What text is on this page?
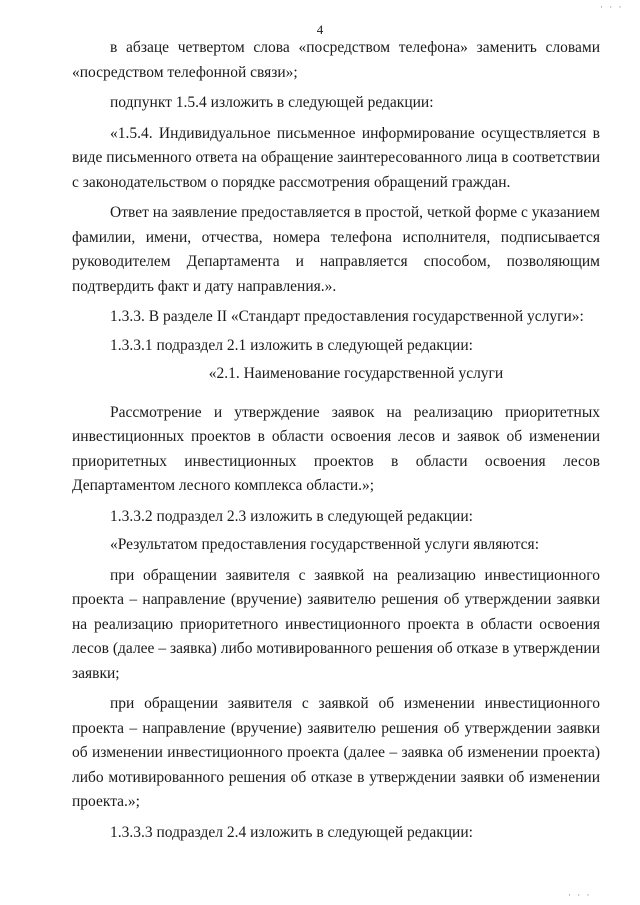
4
· · ·

в абзаце четвертом слова «посредством телефона» заменить словами «посредством телефонной связи»;

подпункт 1.5.4 изложить в следующей редакции:

«1.5.4. Индивидуальное письменное информирование осуществляется в виде письменного ответа на обращение заинтересованного лица в соответствии с законодательством о порядке рассмотрения обращений граждан.

Ответ на заявление предоставляется в простой, четкой форме с указанием фамилии, имени, отчества, номера телефона исполнителя, подписывается руководителем Департамента и направляется способом, позволяющим подтвердить факт и дату направления.».

1.3.3. В разделе II «Стандарт предоставления государственной услуги»:

1.3.3.1 подраздел 2.1 изложить в следующей редакции:

«2.1. Наименование государственной услуги

Рассмотрение и утверждение заявок на реализацию приоритетных инвестиционных проектов в области освоения лесов и заявок об изменении приоритетных инвестиционных проектов в области освоения лесов Департаментом лесного комплекса области.»;

1.3.3.2 подраздел 2.3 изложить в следующей редакции:

«Результатом предоставления государственной услуги являются:

при обращении заявителя с заявкой на реализацию инвестиционного проекта – направление (вручение) заявителю решения об утверждении заявки на реализацию приоритетного инвестиционного проекта в области освоения лесов (далее – заявка) либо мотивированного решения об отказе в утверждении заявки;

при обращении заявителя с заявкой об изменении инвестиционного проекта – направление (вручение) заявителю решения об утверждении заявки об изменении инвестиционного проекта (далее – заявка об изменении проекта) либо мотивированного решения об отказе в утверждении заявки об изменении проекта.»;

1.3.3.3 подраздел 2.4 изложить в следующей редакции:

· · ·
